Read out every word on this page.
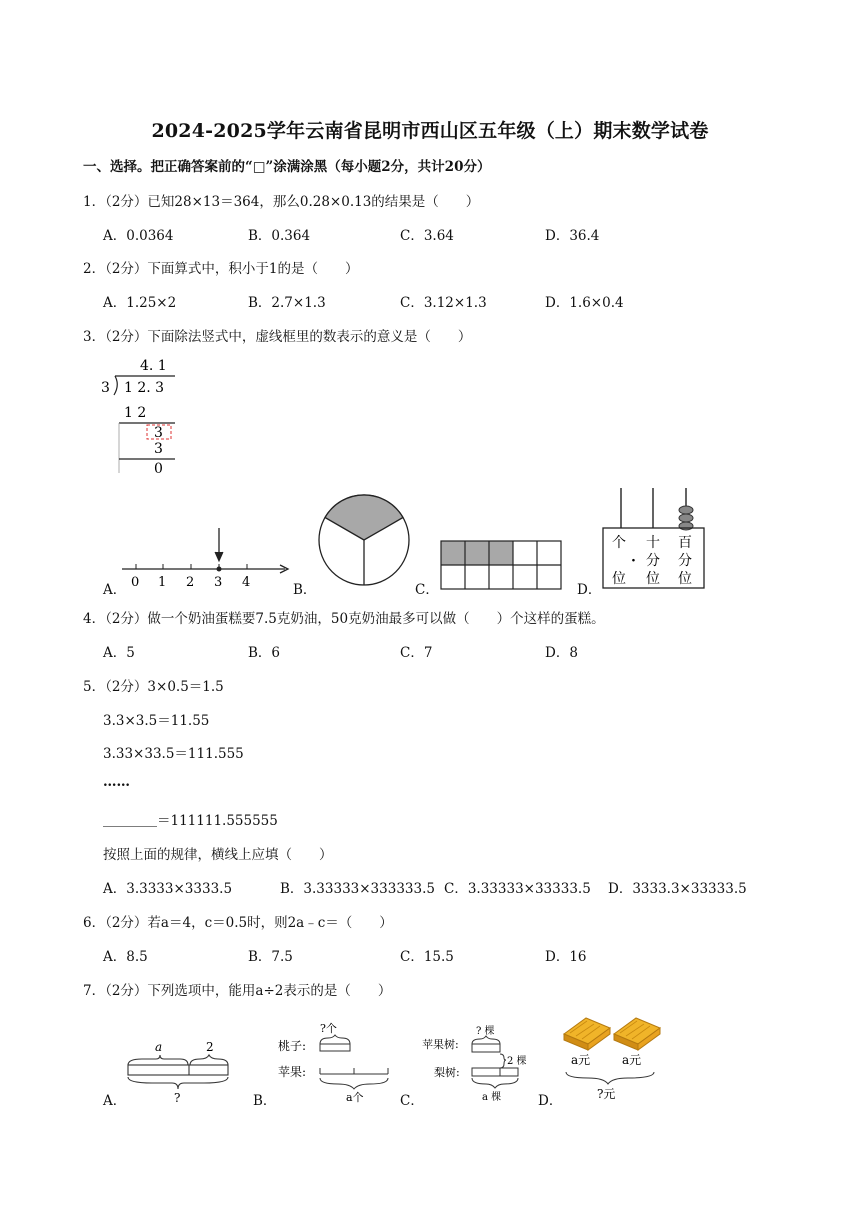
2024-2025学年云南省昆明市西山区五年级（上）期末数学试卷
一、选择。把正确答案前的“□”涂满涂黑（每小题2分，共计20分）
1．（2分）已知28×13＝364，那么0.28×0.13的结果是（　　）
A．0.0364	B．0.364	C．3.64	D．36.4
2．（2分）下面算式中，积小于1的是（　　）
A．1.25×2	B．2.7×1.3	C．3.12×1.3	D．1.6×0.4
3．（2分）下面除法竖式中，虚线框里的数表示的意义是（　　）
4. 1
3 1 2. 3
1 2
3
3
0
A． 0 1 2 3 4	B．	C．	D．
个
位
·
十
分
位
百
分
位
4．（2分）做一个奶油蛋糕要7.5克奶油，50克奶油最多可以做（　　）个这样的蛋糕。
A．5	B．6	C．7	D．8
5．（2分）3×0.5＝1.5
3.3×3.5＝11.55
3.33×33.5＝111.555
……
＿＿＿＿＝111111.555555
按照上面的规律，横线上应填（　　）
A．3.3333×3333.5	B．3.33333×333333.5 C．3.33333×33333.5 D．3333.3×33333.5
6．（2分）若a＝4，c＝0.5时，则2a﹣c＝（　　）
A．8.5	B．7.5	C．15.5	D．16
7．（2分）下列选项中，能用a÷2表示的是（　　）
A．
a	2
?	B．
?个
桃子:
苹果:
a个	C．
? 棵
苹果树:
2 棵
梨树:
a 棵	D．
a元	a元
?元
